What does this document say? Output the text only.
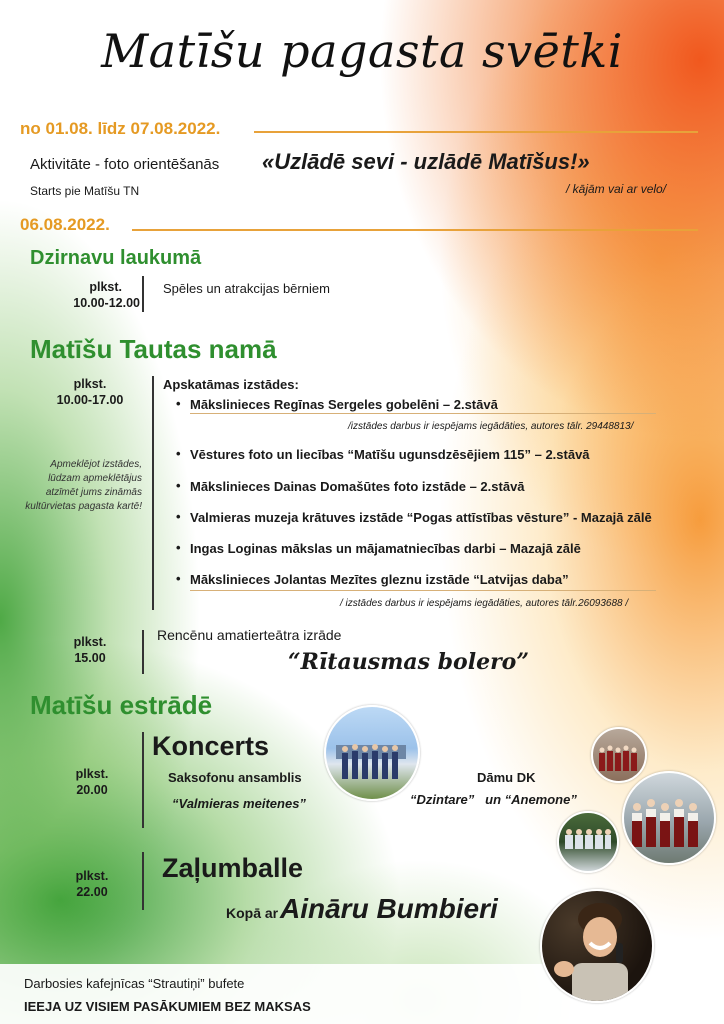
Matīšu pagasta svētki
no 01.08. līdz 07.08.2022.
Aktivitāte - foto orientēšanās «Uzlādē sevi - uzlādē Matīšus!»
Starts pie Matīšu TN	/ kājām vai ar velo/
06.08.2022.
Dzirnavu laukumā
plkst.
10.00-12.00
Spēles un atrakcijas bērniem
Matīšu Tautas namā
plkst.
10.00-17.00
Apskatāmas izstādes:
• Mākslinieces Regīnas Sergeles gobelēni – 2.stāvā
/izstādes darbus ir iespējams iegādāties, autores tālr. 29448813/
Apmeklējot izstādes, lūdzam apmeklētājus atzīmēt jums zināmās kultūrvietas pagasta kartē!
• Vēstures foto un liecības “Matīšu ugunsdzēsējiem 115” – 2.stāvā
• Mākslinieces Dainas Domašūtes foto izstāde – 2.stāvā
• Valmieras muzeja krātuves izstāde “Pogas attīstības vēsture” - Mazajā zālē
• Ingas Loginas mākslas un mājamatniecības darbi – Mazajā zālē
• Mākslinieces Jolantas Mezītes gleznu izstāde “Latvijas daba”
/ izstādes darbus ir iespējams iegādāties, autores tālr.26093688 /
plkst.
15.00
Rencēnu amatierteātra izrāde
“Rītausmas bolero”
Matīšu estrādē
plkst.
20.00
Koncerts
Saksofonu ansamblis
“Valmieras meitenes”
Dāmu DK
“Dzintare”   un “Anemone”
plkst.
22.00
Zaļumballe
Kopā ar Aināru Bumbieri
Darbosies kafejnīcas “Strautiņi” bufete
IEEJA UZ VISIEM PASĀKUMIEM BEZ MAKSAS
